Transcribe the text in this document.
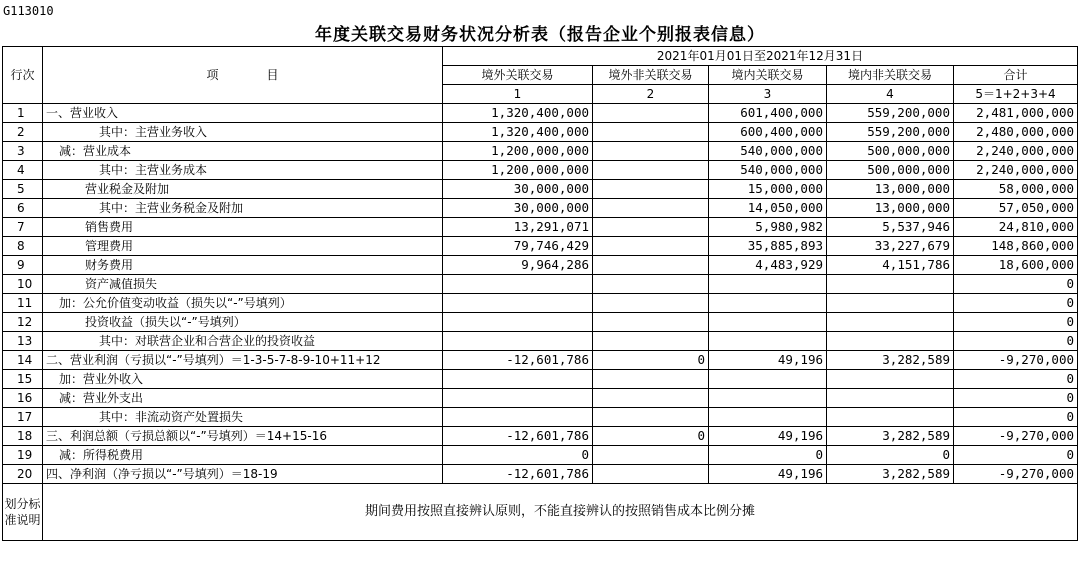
G113010
年度关联交易财务状况分析表（报告企业个别报表信息）
行次	项　　　　目	2021年01月01日至2021年12月31日				
		境外关联交易	境外非关联交易	境内关联交易	境内非关联交易	合计
		1	2	3	4	5＝1+2+3+4
1	一、营业收入	1,320,400,000		601,400,000	559,200,000	2,481,000,000
2	其中：主营业务收入	1,320,400,000		600,400,000	559,200,000	2,480,000,000
3	减：营业成本	1,200,000,000		540,000,000	500,000,000	2,240,000,000
4	其中：主营业务成本	1,200,000,000		540,000,000	500,000,000	2,240,000,000
5	营业税金及附加	30,000,000		15,000,000	13,000,000	58,000,000
6	其中：主营业务税金及附加	30,000,000		14,050,000	13,000,000	57,050,000
7	销售费用	13,291,071		5,980,982	5,537,946	24,810,000
8	管理费用	79,746,429		35,885,893	33,227,679	148,860,000
9	财务费用	9,964,286		4,483,929	4,151,786	18,600,000
10	资产减值损失					0
11	加：公允价值变动收益（损失以“-”号填列）					0
12	投资收益（损失以“-”号填列）					0
13	其中：对联营企业和合营企业的投资收益					0
14	二、营业利润（亏损以“-”号填列）＝1-3-5-7-8-9-10+11+12	-12,601,786	0	49,196	3,282,589	-9,270,000
15	加：营业外收入					0
16	减：营业外支出					0
17	其中：非流动资产处置损失					0
18	三、利润总额（亏损总额以“-”号填列）＝14+15-16	-12,601,786	0	49,196	3,282,589	-9,270,000
19	减：所得税费用	0		0	0	0
20	四、净利润（净亏损以“-”号填列）＝18-19	-12,601,786		49,196	3,282,589	-9,270,000
划分标准说明	期间费用按照直接辨认原则，不能直接辨认的按照销售成本比例分摊					
